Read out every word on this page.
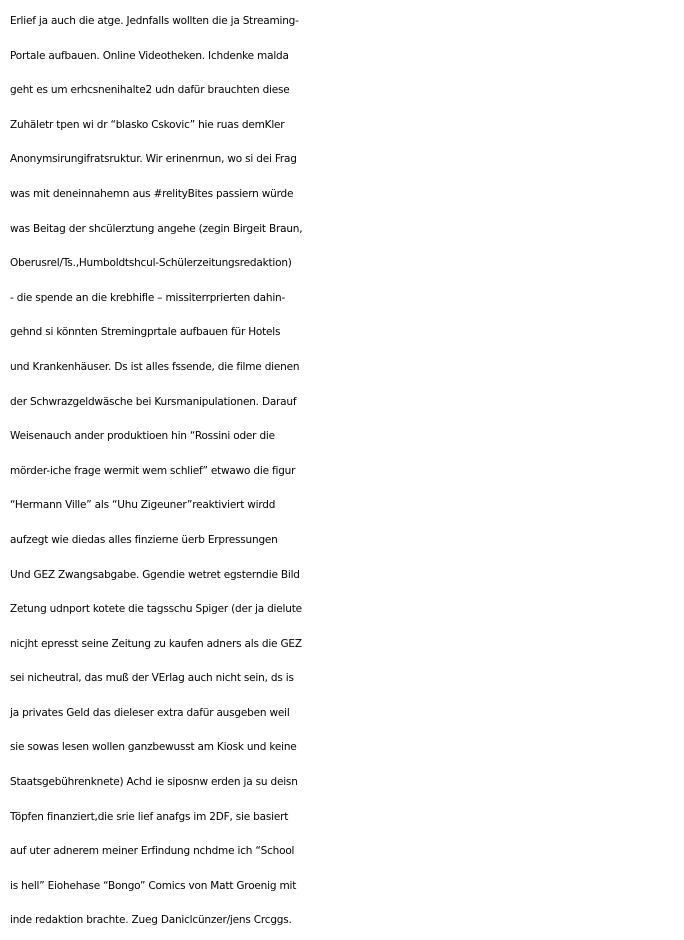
Erlief ja auch die atge. Jednfalls wollten die ja Streaming-
Portale aufbauen. Online Videotheken. Ichdenke malda
geht es um erhcsnenihalte2 udn dafür brauchten diese
Zuhäletr tpen wi dr “blasko Cskovic” hie ruas demKler
Anonymsirungifratsruktur. Wir erinenrnun, wo si dei Frag
was mit deneinnahemn aus #relityBites passiern würde
was Beitag der shcülerztung angehe (zegin Birgeit Braun,
Oberusrel/Ts.,Humboldtshcul-Schülerzeitungsredaktion)
- die spende an die krebhifle – missiterrprierten dahin-
gehnd si könnten Stremingprtale aufbauen für Hotels
und Krankenhäuser. Ds ist alles fssende, die filme dienen
der Schwrazgeldwäsche bei Kursmanipulationen. Darauf
Weisenauch ander produktioen hin “Rossini oder die
mörder-iche frage wermit wem schlief” etwawo die figur
“Hermann Ville” als “Uhu Zigeuner”reaktiviert wirdd
aufzegt wie diedas alles finzierne üerb Erpressungen
Und GEZ Zwangsabgabe. Ggendie wetret egsterndie Bild
Zetung udnport kotete die tagsschu Spiger (der ja dielute
nicjht epresst seine Zeitung zu kaufen adners als die GEZ
sei nicheutral, das muß der VErlag auch nicht sein, ds is
ja privates Geld das dieleser extra dafür ausgeben weil
sie sowas lesen wollen ganzbewusst am Kiosk und keine
Staatsgebührenknete) Achd ie siposnw erden ja su deisn
Töpfen finanziert,die srie lief anafgs im 2DF, sie basiert
auf uter adnerem meiner Erfindung nchdme ich “School
is hell” Eiohehase “Bongo” Comics von Matt Groenig mit
inde redaktion brachte. Zueg Daniclcünzer/jens Crcggs.
